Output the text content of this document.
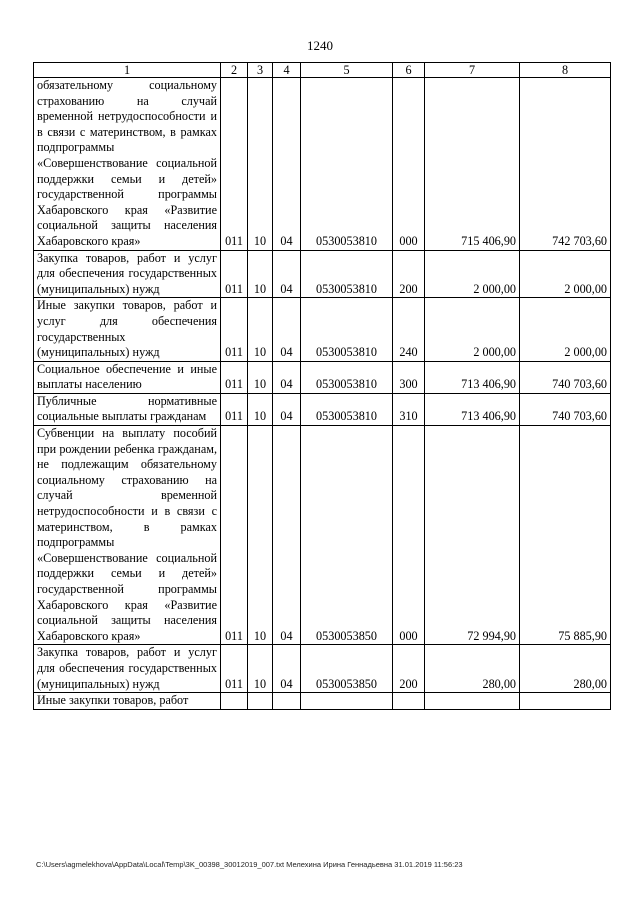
1240
1	2	3	4	5	6	7	8
обязательному социальному страхованию на случай временной нетрудоспособности и в связи с материнством, в рамках подпрограммы «Совершенствование социальной поддержки семьи и детей» государственной программы Хабаровского края «Развитие социальной защиты населения Хабаровского края»	011	10	04	0530053810	000	715 406,90	742 703,60
Закупка товаров, работ и услуг для обеспечения государственных (муниципальных) нужд	011	10	04	0530053810	200	2 000,00	2 000,00
Иные закупки товаров, работ и услуг для обеспечения государственных (муниципальных) нужд	011	10	04	0530053810	240	2 000,00	2 000,00
Социальное обеспечение и иные выплаты населению	011	10	04	0530053810	300	713 406,90	740 703,60
Публичные нормативные социальные выплаты гражданам	011	10	04	0530053810	310	713 406,90	740 703,60
Субвенции на выплату пособий при рождении ребенка гражданам, не подлежащим обязательному социальному страхованию на случай временной нетрудоспособности и в связи с материнством, в рамках подпрограммы «Совершенствование социальной поддержки семьи и детей» государственной программы Хабаровского края «Развитие социальной защиты населения Хабаровского края»	011	10	04	0530053850	000	72 994,90	75 885,90
Закупка товаров, работ и услуг для обеспечения государственных (муниципальных) нужд	011	10	04	0530053850	200	280,00	280,00
Иные закупки товаров, работ							
C:\Users\agmelekhova\AppData\Local\Temp\3K_00398_30012019_007.txt Мелехина Ирина Геннадьевна 31.01.2019 11:56:23
